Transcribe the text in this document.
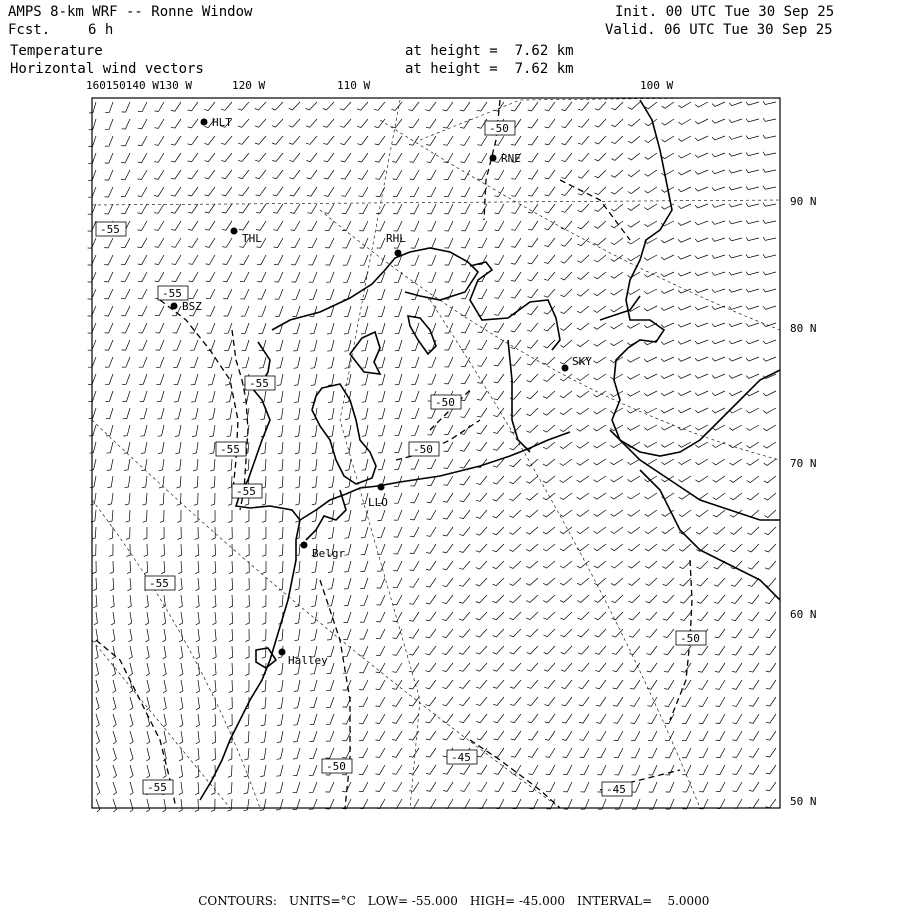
AMPS 8-km WRF -- Ronne Window
Fcst.	6 h
Init. 00 UTC Tue 30 Sep 25
Valid. 06 UTC Tue 30 Sep 25
Temperature	at height =  7.62 km
Horizontal wind vectors	at height =  7.62 km
160150140 W130 W	120 W	110 W	100 W
90 N
80 N
70 N
60 N
50 N
-50
-55
-55
-55
-55
-55
-55
-50
-50
-55
-50
-50
-45
-45
HLT
RNE
THL	RHL
SKY
LLO
Belgr
Halley
BSZ

CONTOURS: UNITS=°C LOW= -55.000 HIGH= -45.000 INTERVAL=    5.0000
